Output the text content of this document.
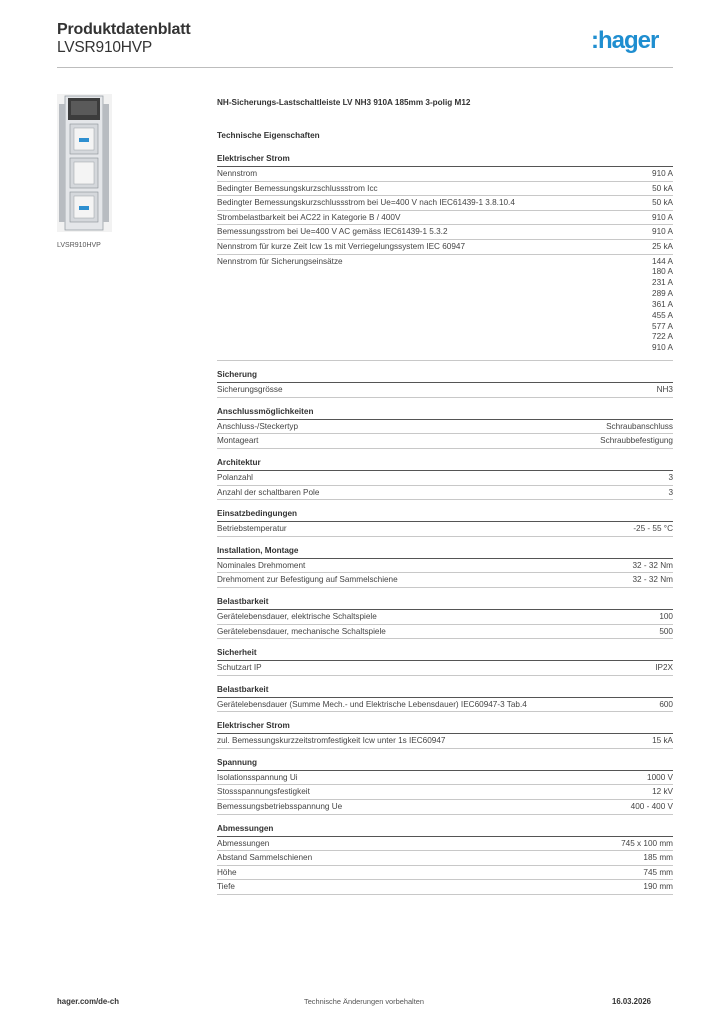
Produktdatenblatt
LVSR910HVP	:hager
LVSR910HVP
NH-Sicherungs-Lastschaltleiste LV NH3 910A 185mm 3-polig M12
Technische Eigenschaften
Elektrischer Strom
Nennstrom	910 A
Bedingter Bemessungskurzschlussstrom Icc	50 kA
Bedingter Bemessungskurzschlussstrom bei Ue=400 V nach IEC61439-1 3.8.10.4	50 kA
Strombelastbarkeit bei AC22 in Kategorie B / 400V	910 A
Bemessungsstrom bei Ue=400 V AC gemäss IEC61439-1 5.3.2	910 A
Nennstrom für kurze Zeit Icw 1s mit Verriegelungssystem IEC 60947	25 kA
Nennstrom für Sicherungseinsätze	144 A
180 A
231 A
289 A
361 A
455 A
577 A
722 A
910 A
Sicherung
Sicherungsgrösse	NH3
Anschlussmöglichkeiten
Anschluss-/Steckertyp	Schraubanschluss
Montageart	Schraubbefestigung
Architektur
Polanzahl	3
Anzahl der schaltbaren Pole	3
Einsatzbedingungen
Betriebstemperatur	-25 - 55 °C
Installation, Montage
Nominales Drehmoment	32 - 32 Nm
Drehmoment zur Befestigung auf Sammelschiene	32 - 32 Nm
Belastbarkeit
Gerätelebensdauer, elektrische Schaltspiele	100
Gerätelebensdauer, mechanische Schaltspiele	500
Sicherheit
Schutzart IP	IP2X
Belastbarkeit
Gerätelebensdauer (Summe Mech.- und Elektrische Lebensdauer) IEC60947-3 Tab.4	600
Elektrischer Strom
zul. Bemessungskurzzeitstromfestigkeit Icw unter 1s IEC60947	15 kA
Spannung
Isolationsspannung Ui	1000 V
Stossspannungsfestigkeit	12 kV
Bemessungsbetriebsspannung Ue	400 - 400 V
Abmessungen
Abmessungen	745 x 100 mm
Abstand Sammelschienen	185 mm
Höhe	745 mm
Tiefe	190 mm
hager.com/de-ch	Technische Änderungen vorbehalten	16.03.2026
